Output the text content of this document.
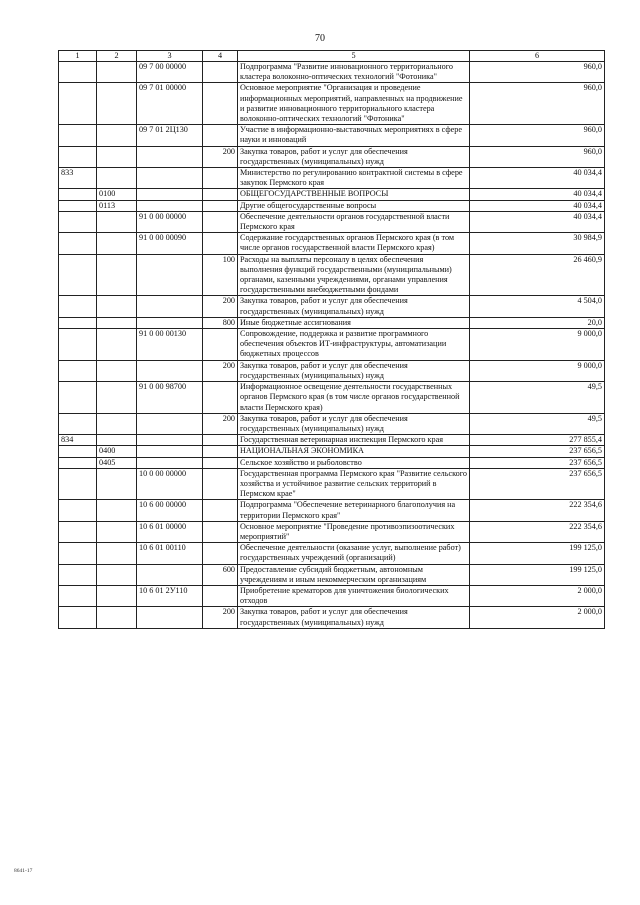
70
1	2	3	4	5	6
		09 7 00 00000		Подпрограмма "Развитие инновационного территориального кластера волоконно-оптических технологий "Фотоника"	960,0
		09 7 01 00000		Основное мероприятие "Организация и проведение информационных мероприятий, направленных на продвижение и развитие инновационного территориального кластера волоконно-оптических технологий "Фотоника"	960,0
		09 7 01 2Ц130		Участие в информационно-выставочных мероприятиях в сфере науки и инноваций	960,0
			200	Закупка товаров, работ и услуг для обеспечения государственных (муниципальных) нужд	960,0
833				Министерство по регулированию контрактной системы в сфере закупок Пермского края	40 034,4
	0100			ОБЩЕГОСУДАРСТВЕННЫЕ ВОПРОСЫ	40 034,4
	0113			Другие общегосударственные вопросы	40 034,4
		91 0 00 00000		Обеспечение деятельности органов государственной власти Пермского края	40 034,4
		91 0 00 00090		Содержание государственных органов Пермского края (в том числе органов государственной власти Пермского края)	30 984,9
			100	Расходы на выплаты персоналу в целях обеспечения выполнения функций государственными (муниципальными) органами, казенными учреждениями, органами управления государственными внебюджетными фондами	26 460,9
			200	Закупка товаров, работ и услуг для обеспечения государственных (муниципальных) нужд	4 504,0
			800	Иные бюджетные ассигнования	20,0
		91 0 00 00130		Сопровождение, поддержка и развитие программного обеспечения объектов ИТ-инфраструктуры, автоматизации бюджетных процессов	9 000,0
			200	Закупка товаров, работ и услуг для обеспечения государственных (муниципальных) нужд	9 000,0
		91 0 00 98700		Информационное освещение деятельности государственных органов Пермского края (в том числе органов государственной власти Пермского края)	49,5
			200	Закупка товаров, работ и услуг для обеспечения государственных (муниципальных) нужд	49,5
834				Государственная ветеринарная инспекция Пермского края	277 855,4
	0400			НАЦИОНАЛЬНАЯ ЭКОНОМИКА	237 656,5
	0405			Сельское хозяйство и рыболовство	237 656,5
		10 0 00 00000		Государственная программа Пермского края "Развитие сельского хозяйства и устойчивое развитие сельских территорий в Пермском крае"	237 656,5
		10 6 00 00000		Подпрограмма "Обеспечение ветеринарного благополучия на территории Пермского края"	222 354,6
		10 6 01 00000		Основное мероприятие "Проведение противоэпизоотических мероприятий"	222 354,6
		10 6 01 00110		Обеспечение деятельности (оказание услуг, выполнение работ) государственных учреждений (организаций)	199 125,0
			600	Предоставление субсидий бюджетным, автономным учреждениям и иным некоммерческим организациям	199 125,0
		10 6 01 2У110		Приобретение крематоров для уничтожения биологических отходов	2 000,0
			200	Закупка товаров, работ и услуг для обеспечения государственных (муниципальных) нужд	2 000,0
8641-17
